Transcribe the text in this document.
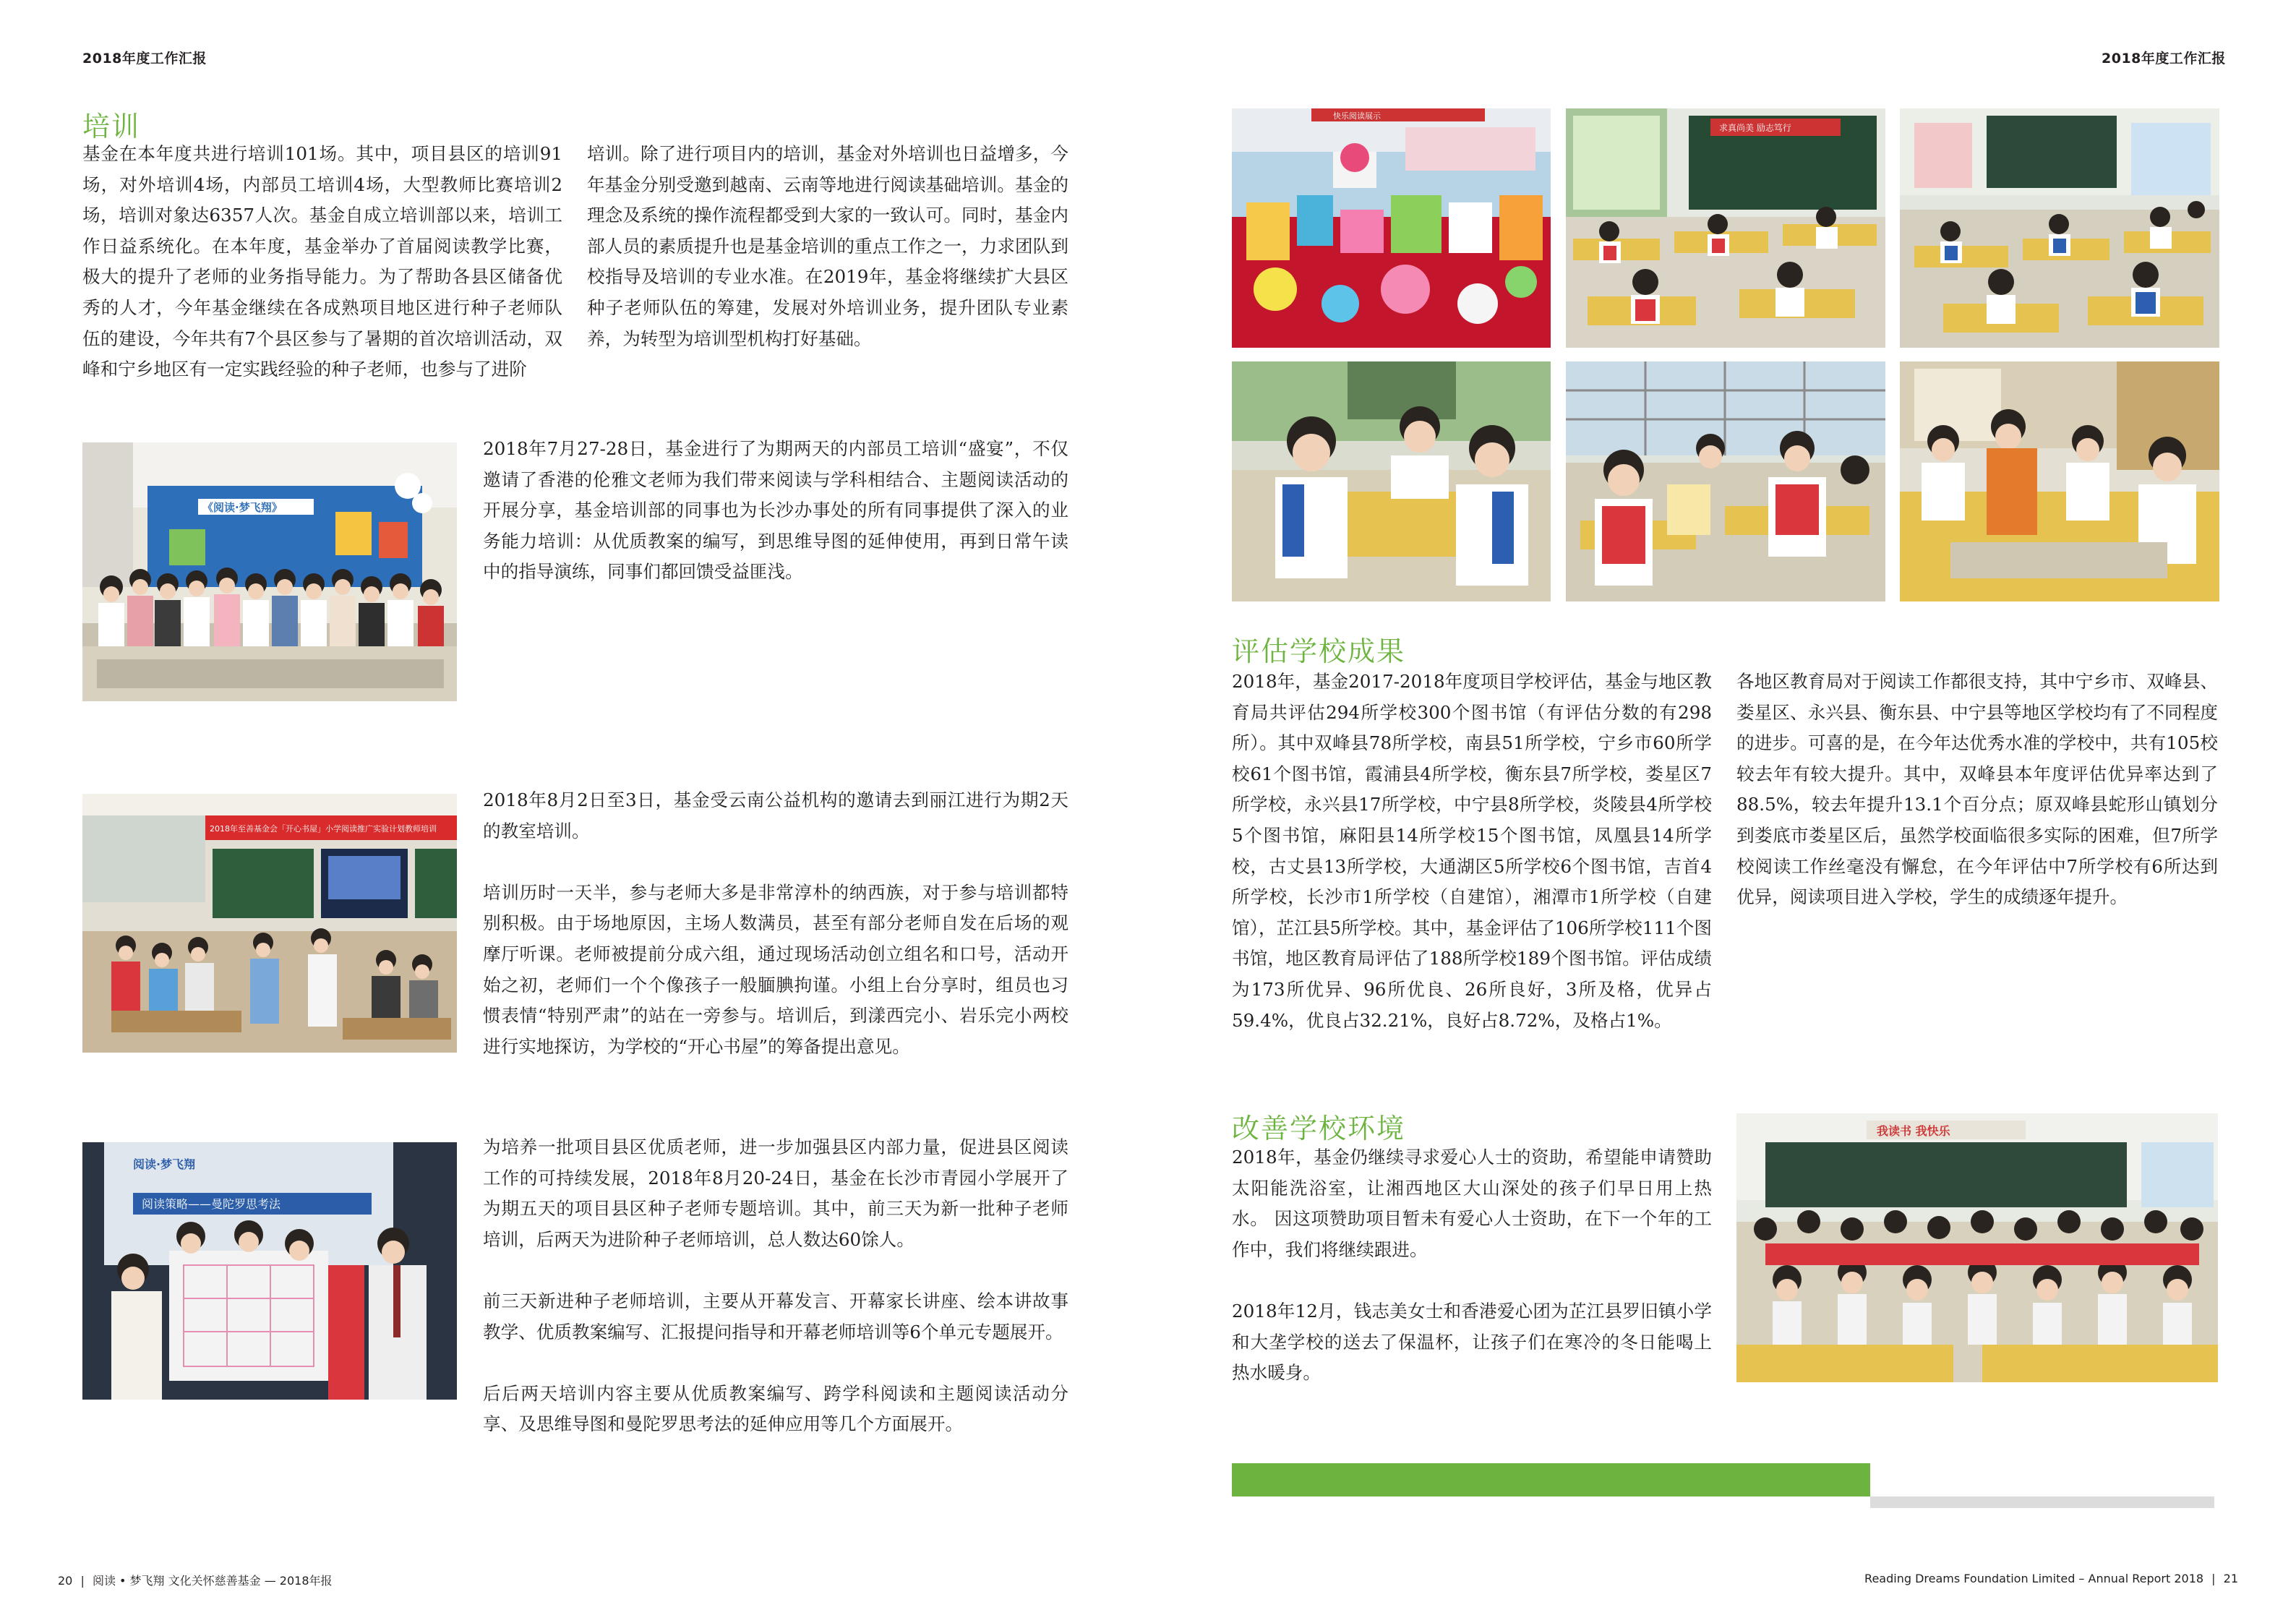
2018年度工作汇报	2018年度工作汇报
培训
基金在本年度共进行培训101场。其中，项目县区的培训91场，对外培训4场，内部员工培训4场，大型教师比赛培训2场，培训对象达6357人次。基金自成立培训部以来，培训工作日益系统化。在本年度，基金举办了首届阅读教学比赛，极大的提升了老师的业务指导能力。为了帮助各县区储备优秀的人才，今年基金继续在各成熟项目地区进行种子老师队伍的建设，今年共有7个县区参与了暑期的首次培训活动，双峰和宁乡地区有一定实践经验的种子老师，也参与了进阶
培训。除了进行项目内的培训，基金对外培训也日益增多，今年基金分别受邀到越南、云南等地进行阅读基础培训。基金的理念及系统的操作流程都受到大家的一致认可。同时，基金内部人员的素质提升也是基金培训的重点工作之一，力求团队到校指导及培训的专业水准。在2019年，基金将继续扩大县区种子老师队伍的筹建，发展对外培训业务，提升团队专业素养，为转型为培训型机构打好基础。
《阅读·梦飞翔》
2018年7月27-28日，基金进行了为期两天的内部员工培训“盛宴”，不仅邀请了香港的伦雅文老师为我们带来阅读与学科相结合、主题阅读活动的开展分享，基金培训部的同事也为长沙办事处的所有同事提供了深入的业务能力培训：从优质教案的编写，到思维导图的延伸使用，再到日常午读中的指导演练，同事们都回馈受益匪浅。
2018年至善基金会「开心书屋」小学阅读推广实验计划教师培训

2018年8月2日至3日，基金受云南公益机构的邀请去到丽江进行为期2天的教室培训。

培训历时一天半，参与老师大多是非常淳朴的纳西族，对于参与培训都特别积极。由于场地原因，主场人数满员，甚至有部分老师自发在后场的观摩厅听课。老师被提前分成六组，通过现场活动创立组名和口号，活动开始之初，老师们一个个像孩子一般腼腆拘谨。小组上台分享时，组员也习惯表情“特别严肃”的站在一旁参与。培训后，到漾西完小、岩乐完小两校进行实地探访，为学校的“开心书屋”的筹备提出意见。

阅读·梦飞翔
阅读策略——曼陀罗思考法

为培养一批项目县区优质老师，进一步加强县区内部力量，促进县区阅读工作的可持续发展，2018年8月20-24日，基金在长沙市青园小学展开了为期五天的项目县区种子老师专题培训。其中，前三天为新一批种子老师培训，后两天为进阶种子老师培训，总人数达60馀人。

前三天新进种子老师培训，主要从开幕发言、开幕家长讲座、绘本讲故事教学、优质教案编写、汇报提问指导和开幕老师培训等6个单元专题展开。

后后两天培训内容主要从优质教案编写、跨学科阅读和主题阅读活动分享、及思维导图和曼陀罗思考法的延伸应用等几个方面展开。

快乐阅读展示
求真尚美 励志笃行
评估学校成果
2018年，基金2017-2018年度项目学校评估，基金与地区教育局共评估294所学校300个图书馆（有评估分数的有298所）。其中双峰县78所学校，南县51所学校，宁乡市60所学校61个图书馆，霞浦县4所学校，衡东县7所学校，娄星区7所学校，永兴县17所学校，中宁县8所学校，炎陵县4所学校5个图书馆，麻阳县14所学校15个图书馆，凤凰县14所学校，古丈县13所学校，大通湖区5所学校6个图书馆，吉首4所学校，长沙市1所学校（自建馆），湘潭市1所学校（自建馆），芷江县5所学校。其中，基金评估了106所学校111个图书馆，地区教育局评估了188所学校189个图书馆。评估成绩为173所优异、96所优良、26所良好，3所及格，优异占59.4%，优良占32.21%，良好占8.72%，及格占1%。
各地区教育局对于阅读工作都很支持，其中宁乡市、双峰县、娄星区、永兴县、衡东县、中宁县等地区学校均有了不同程度的进步。可喜的是，在今年达优秀水准的学校中，共有105校较去年有较大提升。其中，双峰县本年度评估优异率达到了88.5%，较去年提升13.1个百分点；原双峰县蛇形山镇划分到娄底市娄星区后，虽然学校面临很多实际的困难，但7所学校阅读工作丝毫没有懈怠，在今年评估中7所学校有6所达到优异，阅读项目进入学校，学生的成绩逐年提升。
改善学校环境

2018年，基金仍继续寻求爱心人士的资助，希望能申请赞助太阳能洗浴室，让湘西地区大山深处的孩子们早日用上热水。 因这项赞助项目暂未有爱心人士资助，在下一个年的工作中，我们将继续跟进。

2018年12月，钱志美女士和香港爱心团为芷江县罗旧镇小学和大垄学校的送去了保温杯，让孩子们在寒冷的冬日能喝上热水暖身。

我读书 我快乐
20 | 阅读 • 梦飞翔 文化关怀慈善基金 — 2018年报	Reading Dreams Foundation Limited – Annual Report 2018 | 21
